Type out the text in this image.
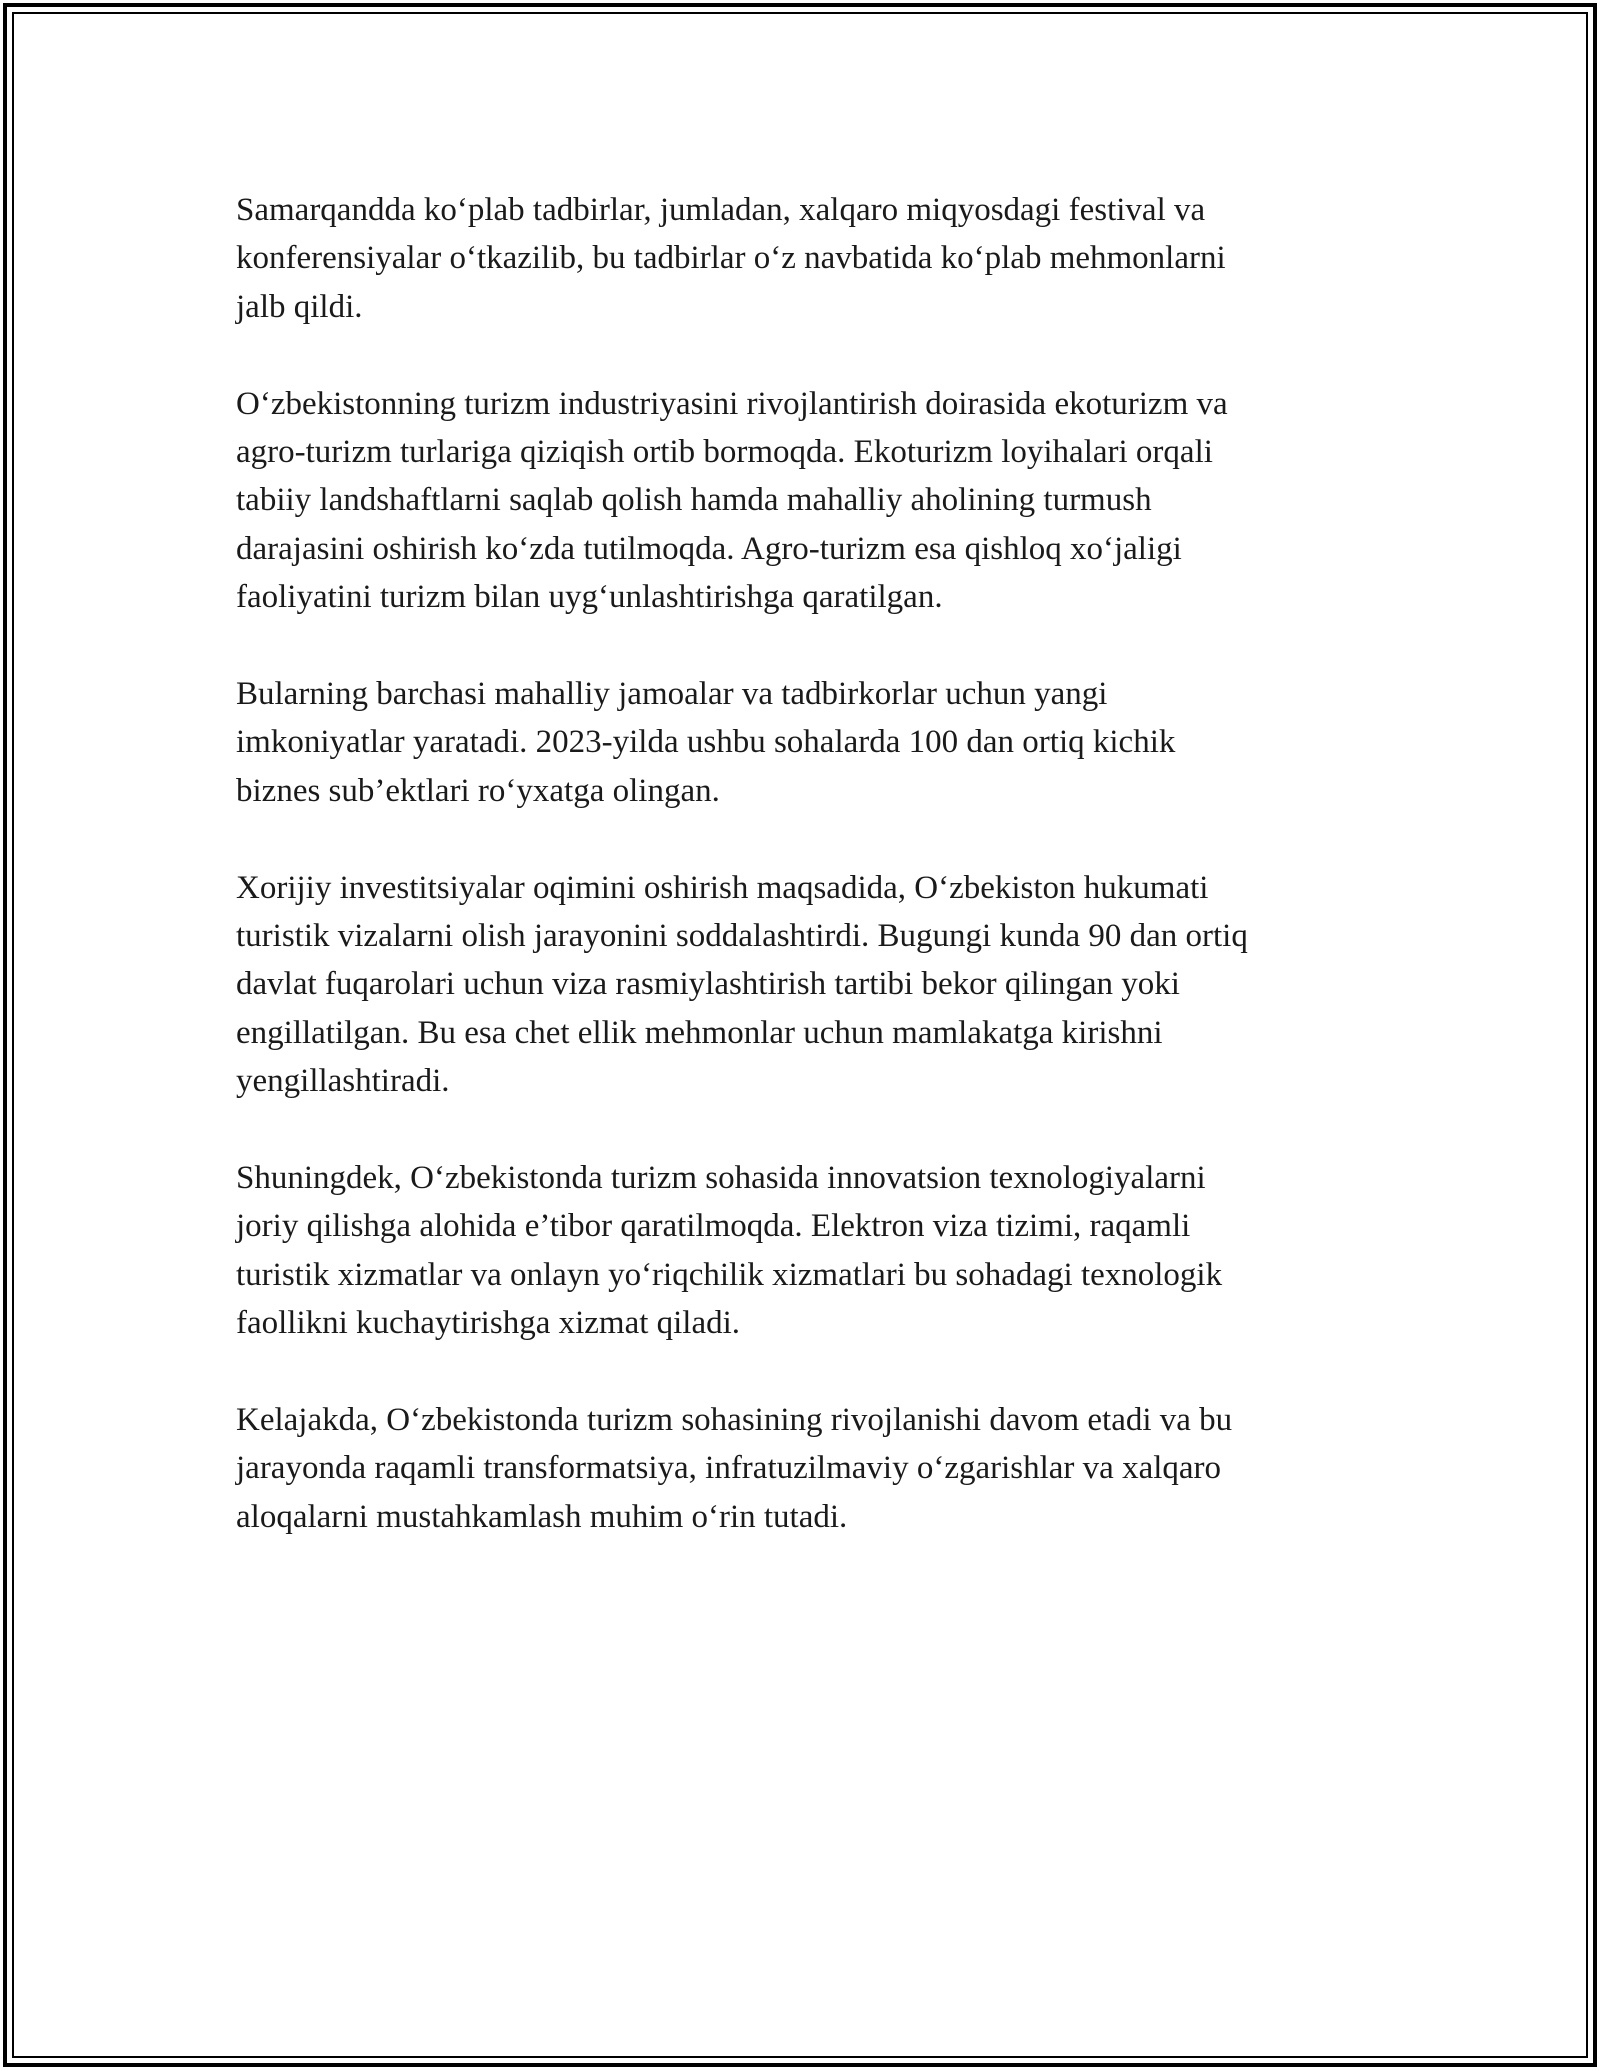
Samarqandda ko‘plab tadbirlar, jumladan, xalqaro miqyosdagi festival va
konferensiyalar o‘tkazilib, bu tadbirlar o‘z navbatida ko‘plab mehmonlarni
jalb qildi.

O‘zbekistonning turizm industriyasini rivojlantirish doirasida ekoturizm va
agro-turizm turlariga qiziqish ortib bormoqda. Ekoturizm loyihalari orqali
tabiiy landshaftlarni saqlab qolish hamda mahalliy aholining turmush
darajasini oshirish ko‘zda tutilmoqda. Agro-turizm esa qishloq xo‘jaligi
faoliyatini turizm bilan uyg‘unlashtirishga qaratilgan.

Bularning barchasi mahalliy jamoalar va tadbirkorlar uchun yangi
imkoniyatlar yaratadi. 2023-yilda ushbu sohalarda 100 dan ortiq kichik
biznes sub’ektlari ro‘yxatga olingan.

Xorijiy investitsiyalar oqimini oshirish maqsadida, O‘zbekiston hukumati
turistik vizalarni olish jarayonini soddalashtirdi. Bugungi kunda 90 dan ortiq
davlat fuqarolari uchun viza rasmiylashtirish tartibi bekor qilingan yoki
engillatilgan. Bu esa chet ellik mehmonlar uchun mamlakatga kirishni
yengillashtiradi.

Shuningdek, O‘zbekistonda turizm sohasida innovatsion texnologiyalarni
joriy qilishga alohida e’tibor qaratilmoqda. Elektron viza tizimi, raqamli
turistik xizmatlar va onlayn yo‘riqchilik xizmatlari bu sohadagi texnologik
faollikni kuchaytirishga xizmat qiladi.

Kelajakda, O‘zbekistonda turizm sohasining rivojlanishi davom etadi va bu
jarayonda raqamli transformatsiya, infratuzilmaviy o‘zgarishlar va xalqaro
aloqalarni mustahkamlash muhim o‘rin tutadi.
